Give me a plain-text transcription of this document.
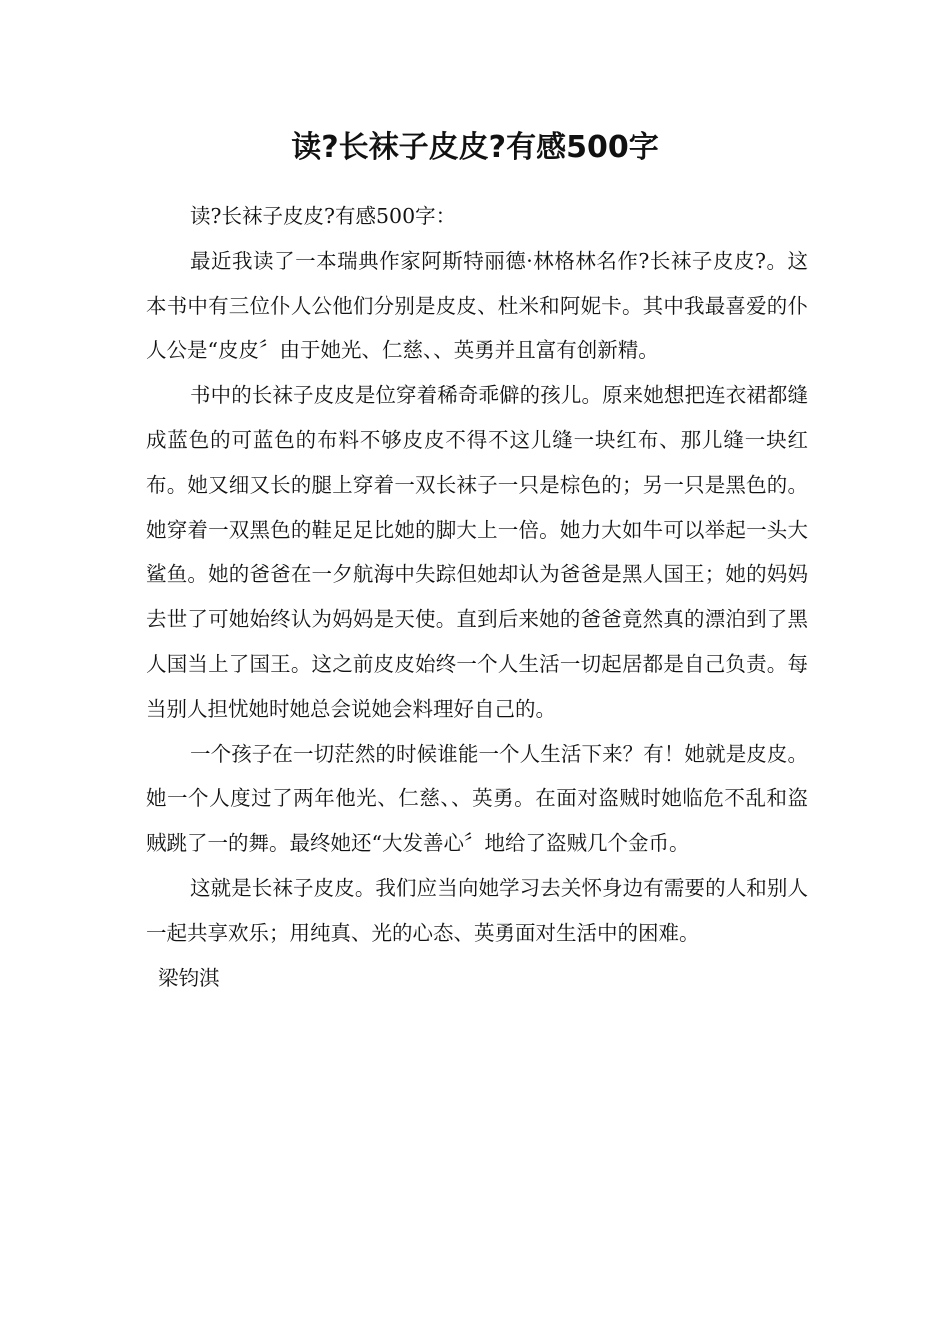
读?长袜子皮皮?有感500字

读?长袜子皮皮?有感500字：

最近我读了一本瑞典作家阿斯特丽德·林格林名作?长袜子皮皮?。这本书中有三位仆人公他们分别是皮皮、杜米和阿妮卡。其中我最喜爱的仆人公是“皮皮〞由于她光、仁慈、、英勇并且富有创新精。

书中的长袜子皮皮是位穿着稀奇乖僻的孩儿。原来她想把连衣裙都缝成蓝色的可蓝色的布料不够皮皮不得不这儿缝一块红布、那儿缝一块红布。她又细又长的腿上穿着一双长袜子一只是棕色的；另一只是黑色的。她穿着一双黑色的鞋足足比她的脚大上一倍。她力大如牛可以举起一头大鲨鱼。她的爸爸在一夕航海中失踪但她却认为爸爸是黑人国王；她的妈妈去世了可她始终认为妈妈是天使。直到后来她的爸爸竟然真的漂泊到了黑人国当上了国王。这之前皮皮始终一个人生活一切起居都是自己负责。每当别人担忧她时她总会说她会料理好自己的。

一个孩子在一切茫然的时候谁能一个人生活下来？有！她就是皮皮。她一个人度过了两年他光、仁慈、、英勇。在面对盗贼时她临危不乱和盗贼跳了一的舞。最终她还“大发善心〞地给了盗贼几个金币。

这就是长袜子皮皮。我们应当向她学习去关怀身边有需要的人和别人一起共享欢乐；用纯真、光的心态、英勇面对生活中的困难。

梁钧淇
